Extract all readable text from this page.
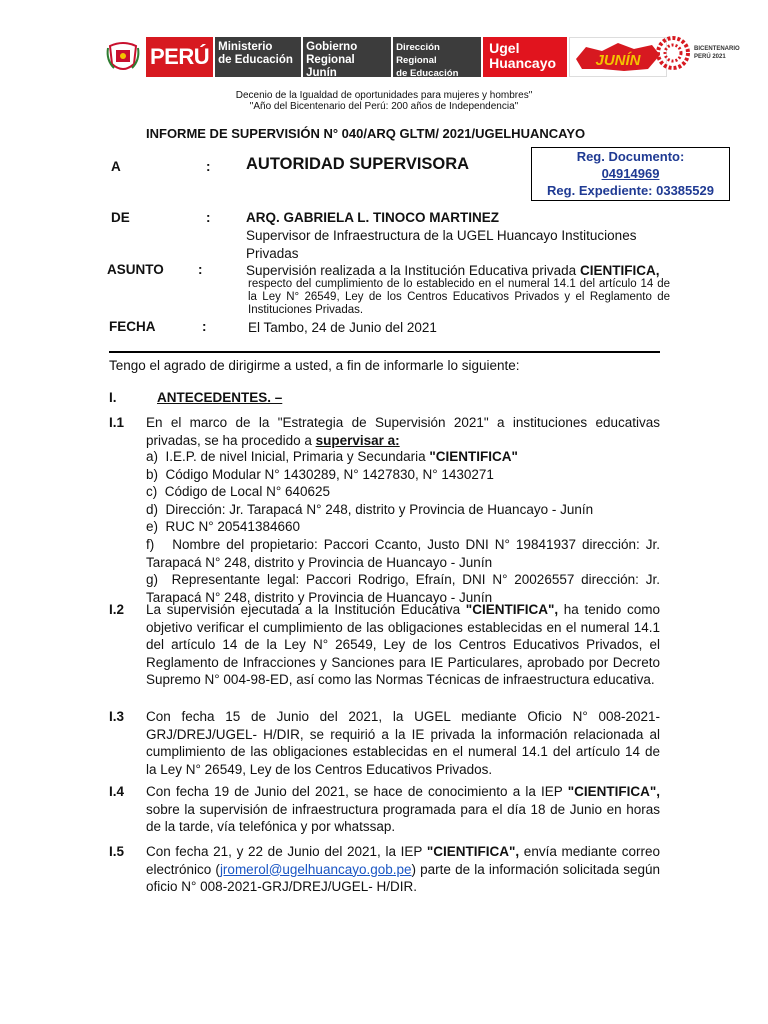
PERÚ Ministerio
de Educación
Gobierno
Regional Junín
Dirección Regional
de Educación Junín
Ugel
Huancayo	JUNÍN
BICENTENARIO
PERÚ 2021
Decenio de la Igualdad de oportunidades para mujeres y hombres"
"Año del Bicentenario del Perú: 200 años de Independencia"
INFORME DE SUPERVISIÓN N° 040/ARQ GLTM/ 2021/UGELHUANCAYO
Reg. Documento:
04914969
Reg. Expediente: 03385529
A	: AUTORIDAD SUPERVISORA
DE	:	ARQ. GABRIELA L. TINOCO MARTINEZ
Supervisor de Infraestructura de la UGEL Huancayo Instituciones Privadas
ASUNTO	:	Supervisión realizada a la Institución Educativa privada CIENTIFICA,
respecto del cumplimiento de lo establecido en el numeral 14.1 del artículo 14 de la Ley N° 26549, Ley de los Centros Educativos Privados y el Reglamento de Instituciones Privadas.
FECHA	:	El Tambo, 24 de Junio del 2021
Tengo el agrado de dirigirme a usted, a fin de informarle lo siguiente:
I.	ANTECEDENTES. –
I.1 En el marco de la "Estrategia de Supervisión 2021" a instituciones educativas privadas, se ha procedido a supervisar a:
a)  I.E.P. de nivel Inicial, Primaria y Secundaria "CIENTIFICA"
b)  Código Modular N° 1430289, N° 1427830, N° 1430271
c)  Código de Local N° 640625
d)  Dirección: Jr. Tarapacá N° 248, distrito y Provincia de Huancayo - Junín
e)  RUC N° 20541384660
f)   Nombre del propietario: Paccori Ccanto, Justo DNI N° 19841937 dirección: Jr. Tarapacá N° 248, distrito y Provincia de Huancayo - Junín
g)  Representante legal: Paccori Rodrigo, Efraín, DNI N° 20026557 dirección: Jr. Tarapacá N° 248, distrito y Provincia de Huancayo - Junín
I.2 La supervisión ejecutada a la Institución Educativa "CIENTIFICA", ha tenido como objetivo verificar el cumplimiento de las obligaciones establecidas en el numeral 14.1 del artículo 14 de la Ley N° 26549, Ley de los Centros Educativos Privados, el Reglamento de Infracciones y Sanciones para IE Particulares, aprobado por Decreto Supremo N° 004-98-ED, así como las Normas Técnicas de infraestructura educativa.
I.3 Con fecha 15 de Junio del 2021, la UGEL mediante Oficio N° 008-2021-GRJ/DREJ/UGEL- H/DIR, se requirió a la IE privada la información relacionada al cumplimiento de las obligaciones establecidas en el numeral 14.1 del artículo 14 de la Ley N° 26549, Ley de los Centros Educativos Privados.
I.4 Con fecha 19 de Junio del 2021, se hace de conocimiento a la IEP "CIENTIFICA", sobre la supervisión de infraestructura programada para el día 18 de Junio en horas de la tarde, vía telefónica y por whatssap.
I.5 Con fecha 21, y 22 de Junio del 2021, la IEP "CIENTIFICA", envía mediante correo electrónico (jromerol@ugelhuancayo.gob.pe) parte de la información solicitada según oficio N° 008-2021-GRJ/DREJ/UGEL- H/DIR.
